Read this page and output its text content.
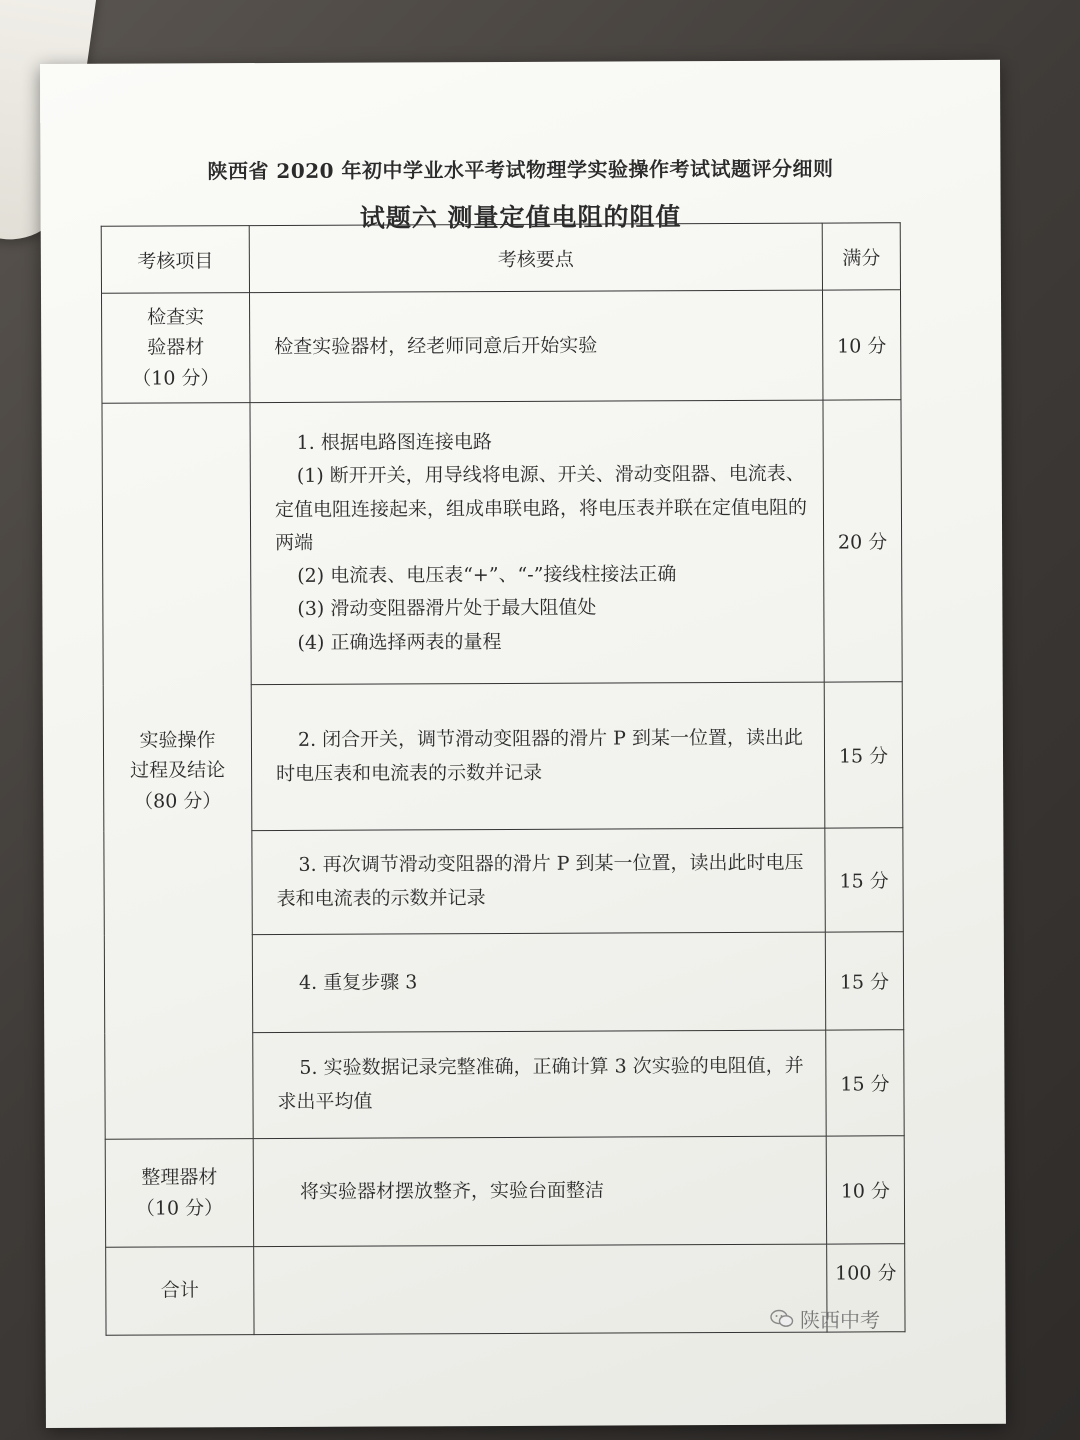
陕西省 2020 年初中学业水平考试物理学实验操作考试试题评分细则
试题六 测量定值电阻的阻值
考核项目	考核要点	满分

检查实
验器材
（10 分）	检查实验器材，经老师同意后开始实验	10 分

实验操作
过程及结论
（80 分）	1. 根据电路图连接电路
(1) 断开开关，用导线将电源、开关、滑动变阻器、电流表、定值电阻连接起来，组成串联电路，将电压表并联在定值电阻的两端
(2) 电流表、电压表“+”、“-”接线柱接法正确
(3) 滑动变阻器滑片处于最大阻值处
(4) 正确选择两表的量程	20 分

	2. 闭合开关，调节滑动变阻器的滑片 P 到某一位置，读出此时电压表和电流表的示数并记录	15 分

	3. 再次调节滑动变阻器的滑片 P 到某一位置，读出此时电压表和电流表的示数并记录	15 分

	4. 重复步骤 3	15 分

	5. 实验数据记录完整准确，正确计算 3 次实验的电阻值，并求出平均值	15 分

整理器材
（10 分）	将实验器材摆放整齐，实验台面整洁	10 分

合计		100 分
陕西中考
